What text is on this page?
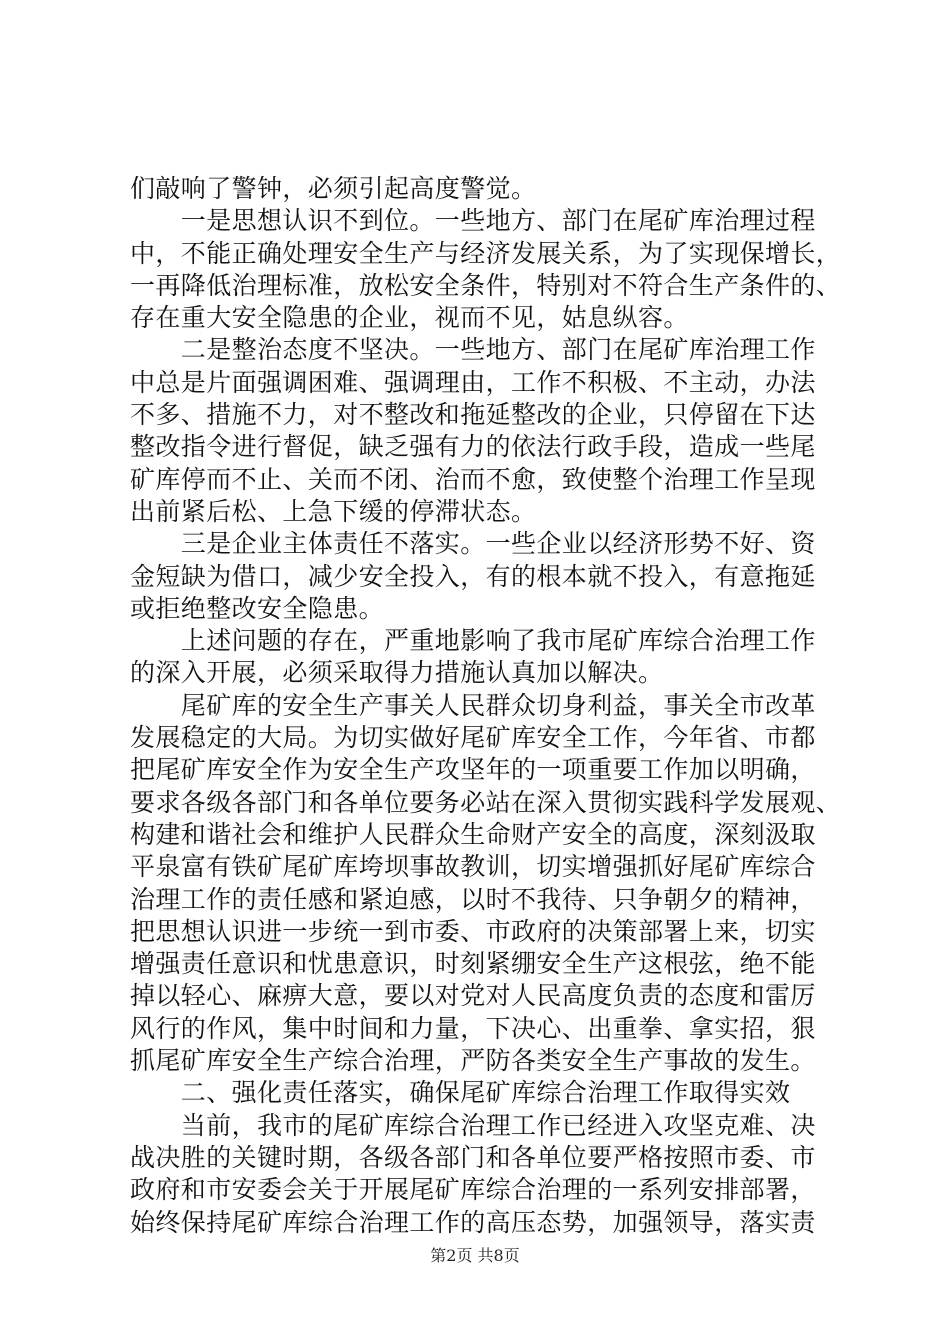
们敲响了警钟，必须引起高度警觉。
　　一是思想认识不到位。一些地方、部门在尾矿库治理过程
中，不能正确处理安全生产与经济发展关系，为了实现保增长，
一再降低治理标准，放松安全条件，特别对不符合生产条件的、
存在重大安全隐患的企业，视而不见，姑息纵容。
　　二是整治态度不坚决。一些地方、部门在尾矿库治理工作
中总是片面强调困难、强调理由，工作不积极、不主动，办法
不多、措施不力，对不整改和拖延整改的企业，只停留在下达
整改指令进行督促，缺乏强有力的依法行政手段，造成一些尾
矿库停而不止、关而不闭、治而不愈，致使整个治理工作呈现
出前紧后松、上急下缓的停滞状态。
　　三是企业主体责任不落实。一些企业以经济形势不好、资
金短缺为借口，减少安全投入，有的根本就不投入，有意拖延
或拒绝整改安全隐患。
　　上述问题的存在，严重地影响了我市尾矿库综合治理工作
的深入开展，必须采取得力措施认真加以解决。
　　尾矿库的安全生产事关人民群众切身利益，事关全市改革
发展稳定的大局。为切实做好尾矿库安全工作，今年省、市都
把尾矿库安全作为安全生产攻坚年的一项重要工作加以明确，
要求各级各部门和各单位要务必站在深入贯彻实践科学发展观、
构建和谐社会和维护人民群众生命财产安全的高度，深刻汲取
平泉富有铁矿尾矿库垮坝事故教训，切实增强抓好尾矿库综合
治理工作的责任感和紧迫感，以时不我待、只争朝夕的精神，
把思想认识进一步统一到市委、市政府的决策部署上来，切实
增强责任意识和忧患意识，时刻紧绷安全生产这根弦，绝不能
掉以轻心、麻痹大意，要以对党对人民高度负责的态度和雷厉
风行的作风，集中时间和力量，下决心、出重拳、拿实招，狠
抓尾矿库安全生产综合治理，严防各类安全生产事故的发生。
　　二、强化责任落实，确保尾矿库综合治理工作取得实效
　　当前，我市的尾矿库综合治理工作已经进入攻坚克难、决
战决胜的关键时期，各级各部门和各单位要严格按照市委、市
政府和市安委会关于开展尾矿库综合治理的一系列安排部署，
始终保持尾矿库综合治理工作的高压态势，加强领导，落实责
第2页 共8页
